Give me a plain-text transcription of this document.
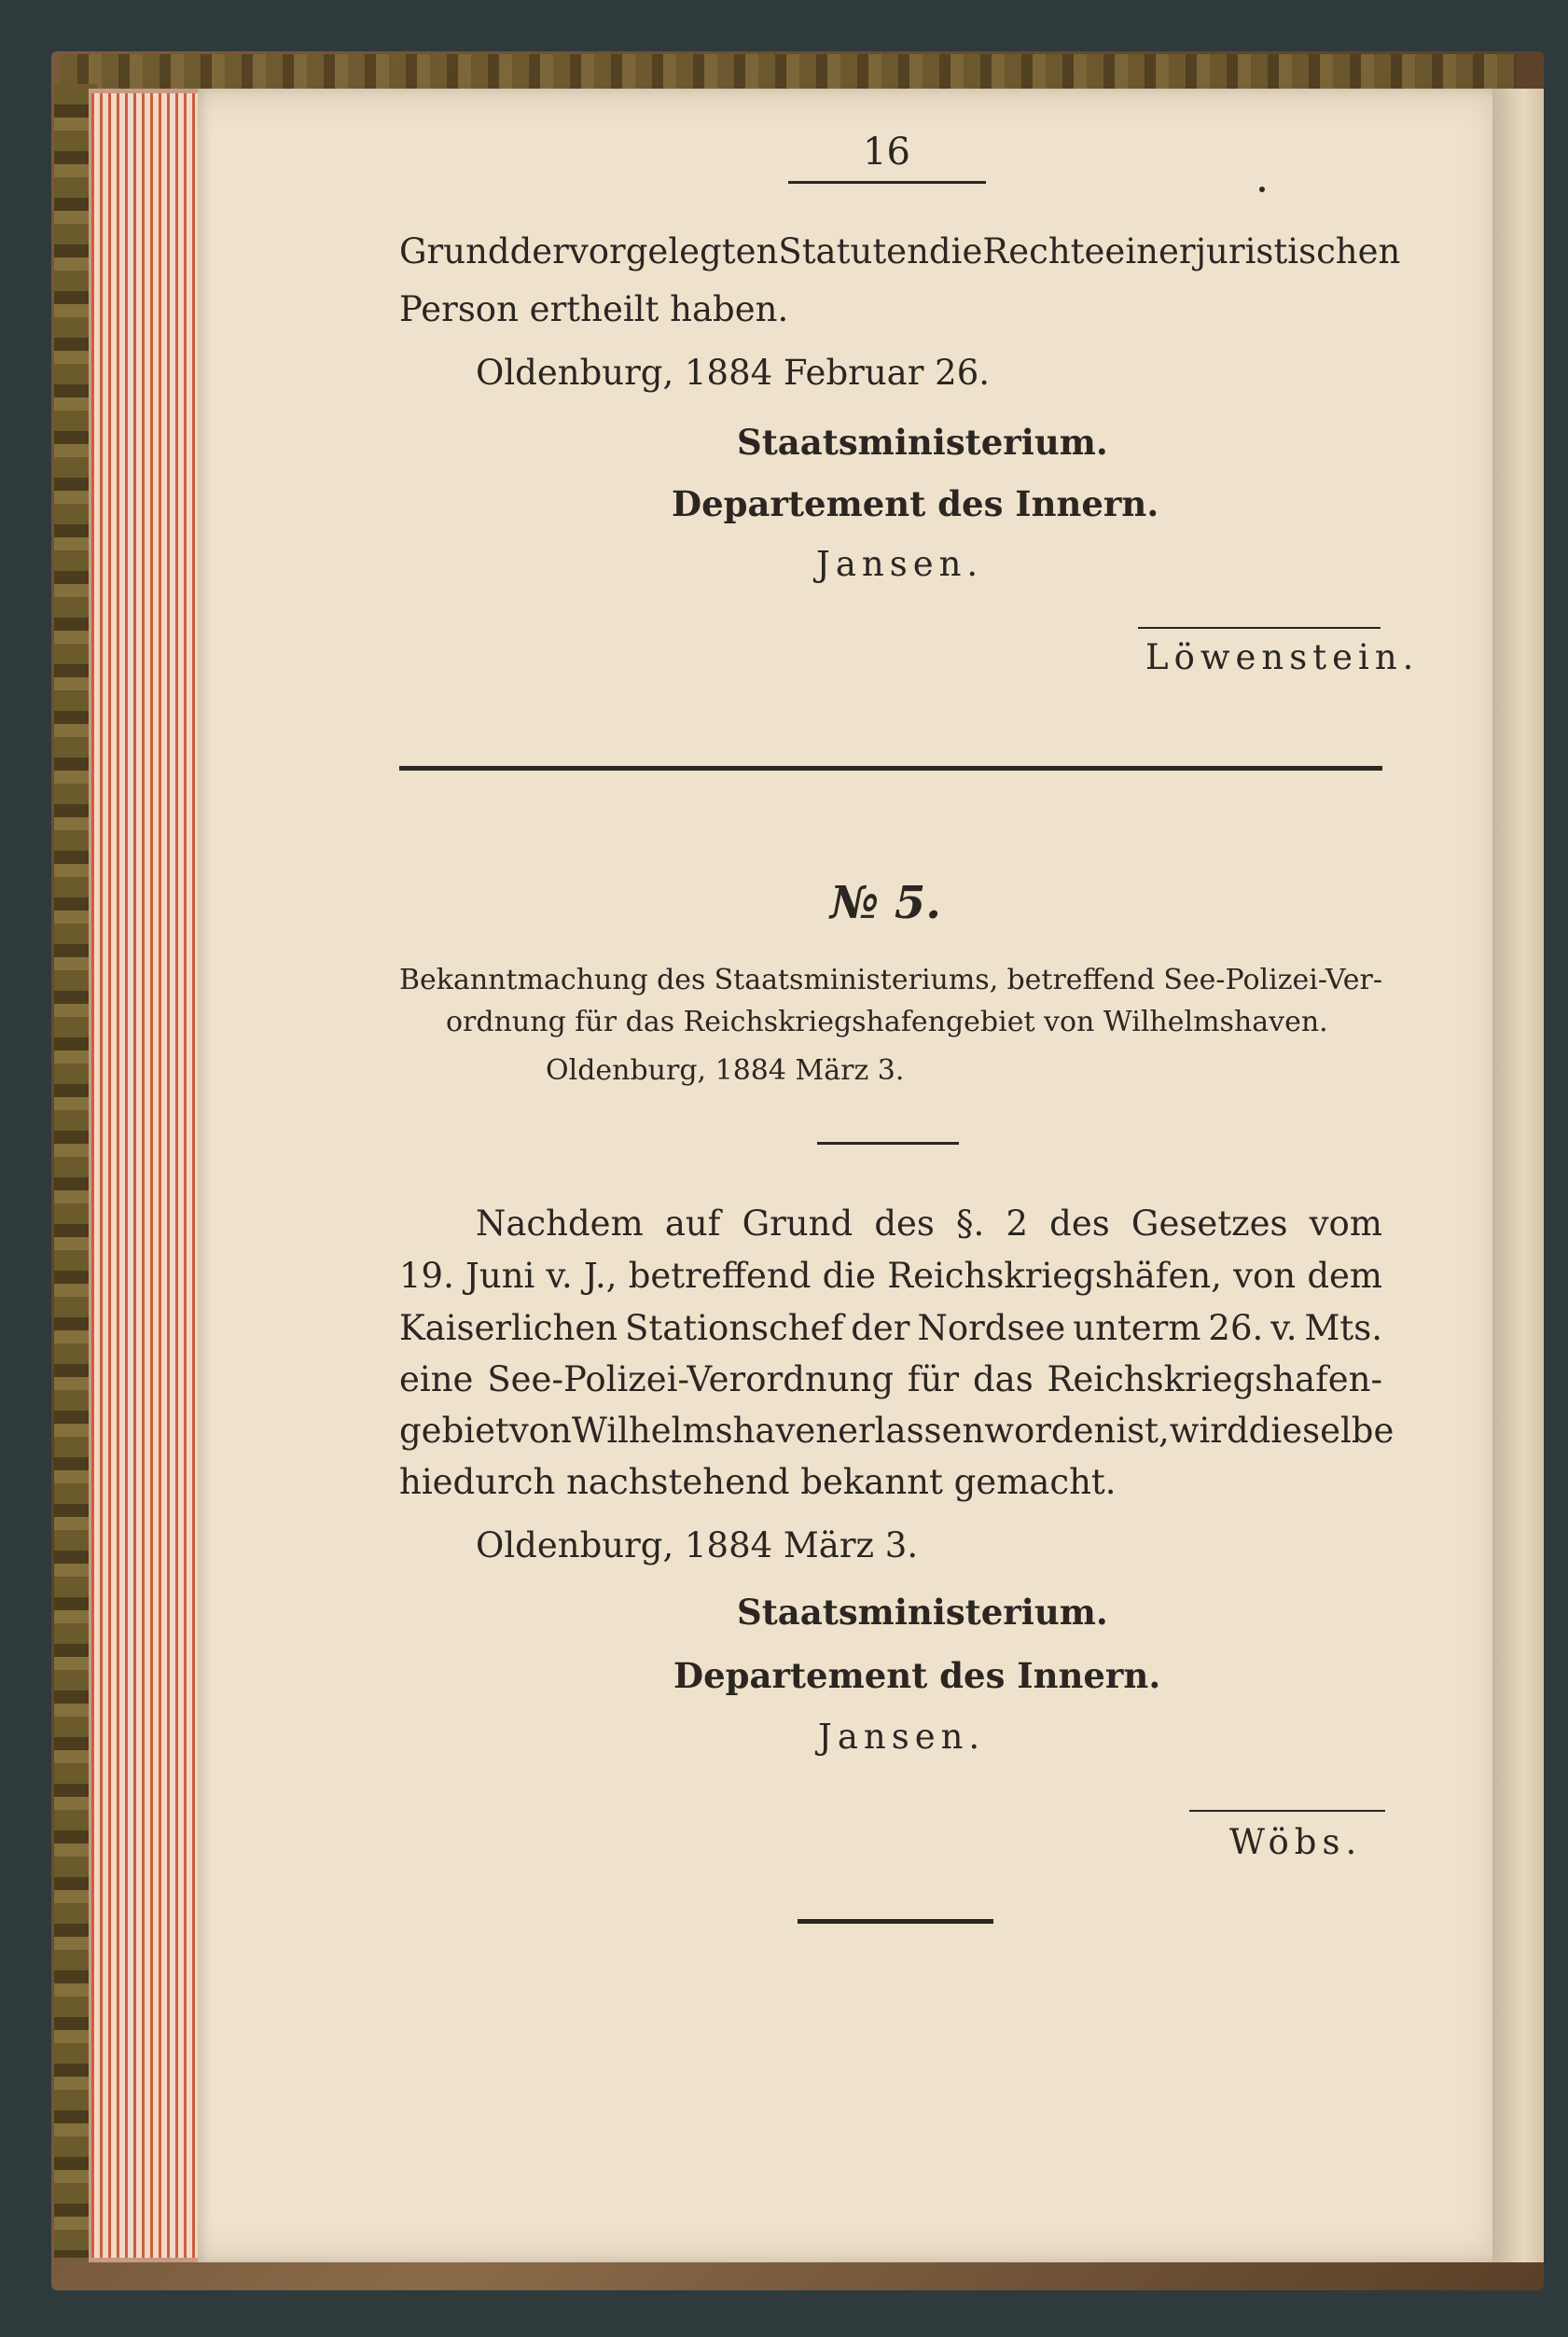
16
Grund der vorgelegten Statuten die Rechte einer juristischen
Person ertheilt haben.
Oldenburg, 1884 Februar 26.
Staatsministerium.
Departement des Innern.
Jansen.
Löwenstein.
№ 5.
Bekanntmachung des Staatsministeriums, betreffend See-Polizei-Ver-
ordnung für das Reichskriegshafengebiet von Wilhelmshaven.
Oldenburg, 1884 März 3.
Nachdem auf Grund des §. 2 des Gesetzes vom
19. Juni v. J., betreffend die Reichskriegshäfen, von dem
Kaiserlichen Stationschef der Nordsee unterm 26. v. Mts.
eine See-Polizei-Verordnung für das Reichskriegshafen-
gebiet von Wilhelmshaven erlassen worden ist, wird dieselbe
hiedurch nachstehend bekannt gemacht.
Oldenburg, 1884 März 3.
Staatsministerium.
Departement des Innern.
Jansen.
Wöbs.
